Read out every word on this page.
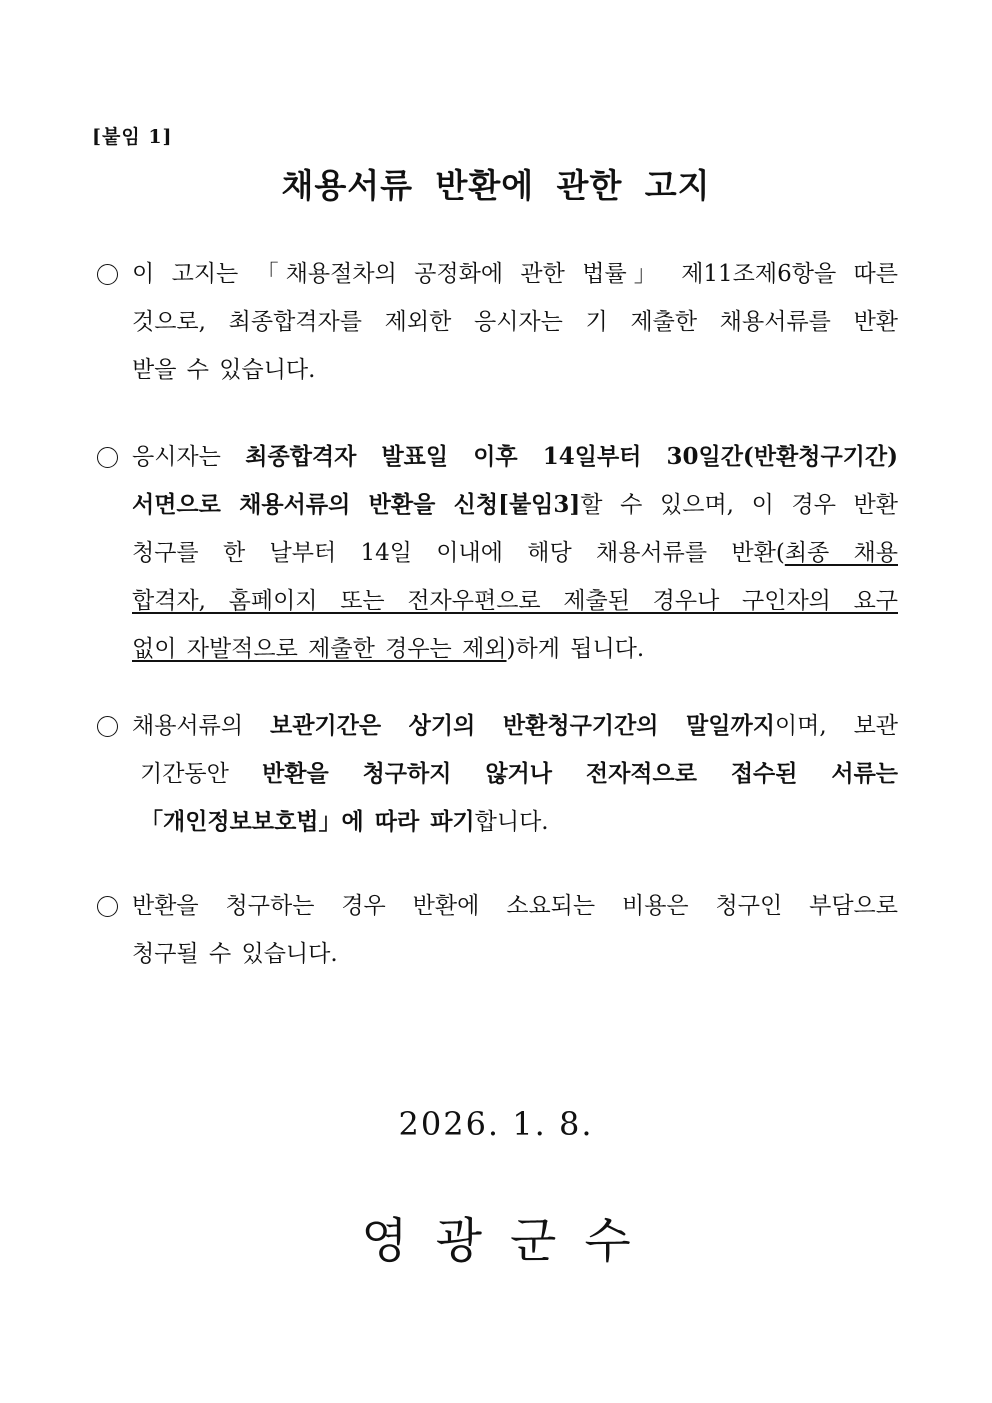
[붙임 1]
채용서류 반환에 관한 고지
이 고지는 「채용절차의 공정화에 관한 법률」 제11조제6항을 따른
것으로, 최종합격자를 제외한 응시자는 기 제출한 채용서류를 반환
받을 수 있습니다.
응시자는 최종합격자 발표일 이후 14일부터 30일간(반환청구기간)
서면으로 채용서류의 반환을 신청[붙임3]할 수 있으며, 이 경우 반환
청구를 한 날부터 14일 이내에 해당 채용서류를 반환(최종 채용
합격자, 홈페이지 또는 전자우편으로 제출된 경우나 구인자의 요구
없이 자발적으로 제출한 경우는 제외)하게 됩니다.
채용서류의 보관기간은 상기의 반환청구기간의 말일까지이며, 보관
기간동안 반환을 청구하지 않거나 전자적으로 접수된 서류는
「개인정보보호법」에 따라 파기합니다.
반환을 청구하는 경우 반환에 소요되는 비용은 청구인 부담으로
청구될 수 있습니다.
2026. 1. 8.
영광군수
